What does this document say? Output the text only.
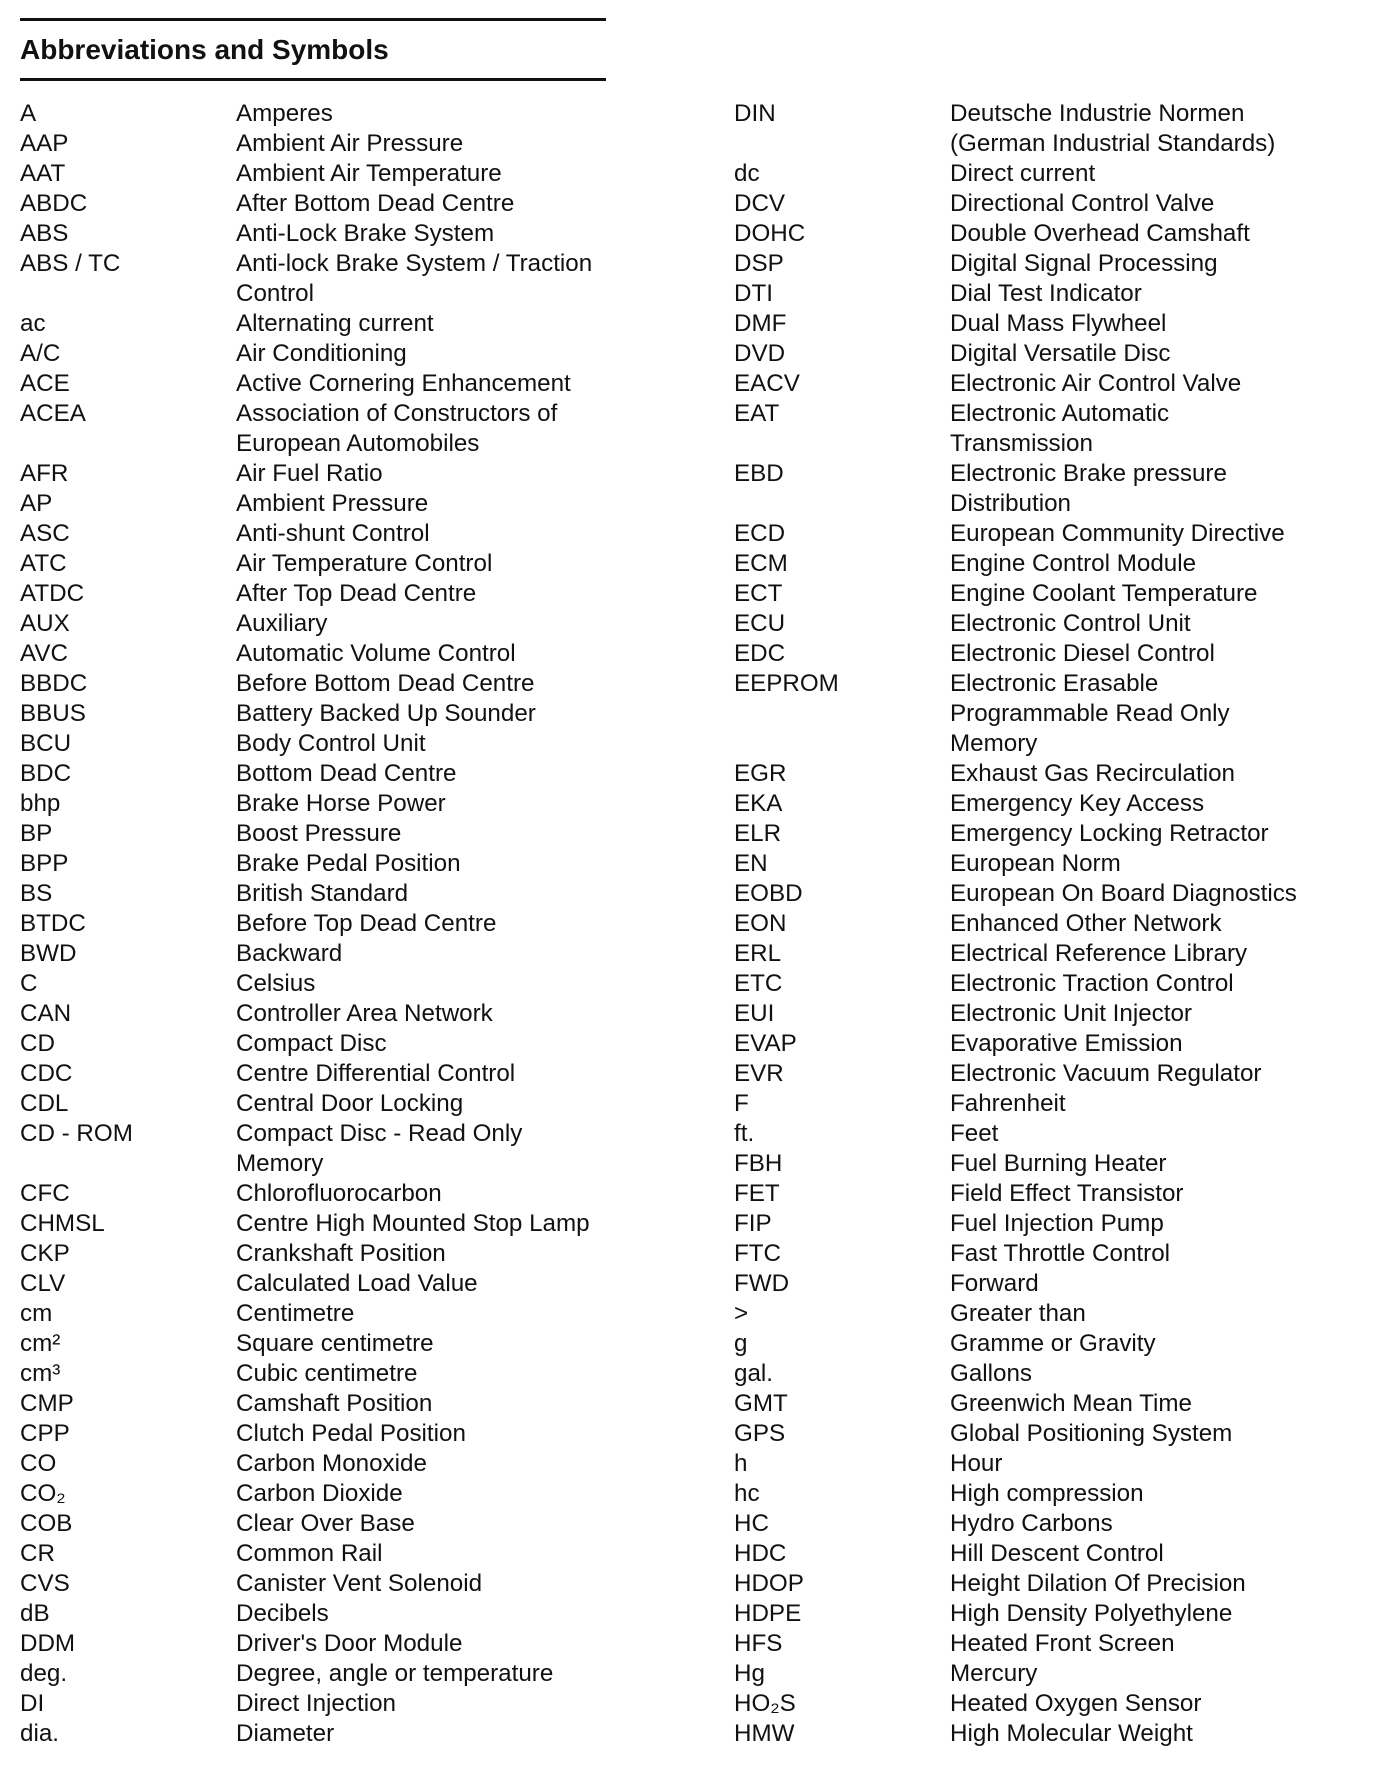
Abbreviations and Symbols
A	Amperes
AAP	Ambient Air Pressure
AAT	Ambient Air Temperature
ABDC	After Bottom Dead Centre
ABS	Anti-Lock Brake System
ABS / TC	Anti-lock Brake System / Traction
Control
ac	Alternating current
A/C	Air Conditioning
ACE	Active Cornering Enhancement
ACEA	Association of Constructors of
European Automobiles
AFR	Air Fuel Ratio
AP	Ambient Pressure
ASC	Anti-shunt Control
ATC	Air Temperature Control
ATDC	After Top Dead Centre
AUX	Auxiliary
AVC	Automatic Volume Control
BBDC	Before Bottom Dead Centre
BBUS	Battery Backed Up Sounder
BCU	Body Control Unit
BDC	Bottom Dead Centre
bhp	Brake Horse Power
BP	Boost Pressure
BPP	Brake Pedal Position
BS	British Standard
BTDC	Before Top Dead Centre
BWD	Backward
C	Celsius
CAN	Controller Area Network
CD	Compact Disc
CDC	Centre Differential Control
CDL	Central Door Locking
CD - ROM	Compact Disc - Read Only
Memory
CFC	Chlorofluorocarbon
CHMSL	Centre High Mounted Stop Lamp
CKP	Crankshaft Position
CLV	Calculated Load Value
cm	Centimetre
cm²	Square centimetre
cm³	Cubic centimetre
CMP	Camshaft Position
CPP	Clutch Pedal Position
CO	Carbon Monoxide
CO₂	Carbon Dioxide
COB	Clear Over Base
CR	Common Rail
CVS	Canister Vent Solenoid
dB	Decibels
DDM	Driver's Door Module
deg.	Degree, angle or temperature
DI	Direct Injection
dia.	Diameter
DIN	Deutsche Industrie Normen
(German Industrial Standards)
dc	Direct current
DCV	Directional Control Valve
DOHC	Double Overhead Camshaft
DSP	Digital Signal Processing
DTI	Dial Test Indicator
DMF	Dual Mass Flywheel
DVD	Digital Versatile Disc
EACV	Electronic Air Control Valve
EAT	Electronic Automatic
Transmission
EBD	Electronic Brake pressure
Distribution
ECD	European Community Directive
ECM	Engine Control Module
ECT	Engine Coolant Temperature
ECU	Electronic Control Unit
EDC	Electronic Diesel Control
EEPROM	Electronic Erasable
Programmable Read Only
Memory
EGR	Exhaust Gas Recirculation
EKA	Emergency Key Access
ELR	Emergency Locking Retractor
EN	European Norm
EOBD	European On Board Diagnostics
EON	Enhanced Other Network
ERL	Electrical Reference Library
ETC	Electronic Traction Control
EUI	Electronic Unit Injector
EVAP	Evaporative Emission
EVR	Electronic Vacuum Regulator
F	Fahrenheit
ft.	Feet
FBH	Fuel Burning Heater
FET	Field Effect Transistor
FIP	Fuel Injection Pump
FTC	Fast Throttle Control
FWD	Forward
>	Greater than
g	Gramme or Gravity
gal.	Gallons
GMT	Greenwich Mean Time
GPS	Global Positioning System
h	Hour
hc	High compression
HC	Hydro Carbons
HDC	Hill Descent Control
HDOP	Height Dilation Of Precision
HDPE	High Density Polyethylene
HFS	Heated Front Screen
Hg	Mercury
HO₂S	Heated Oxygen Sensor
HMW	High Molecular Weight
